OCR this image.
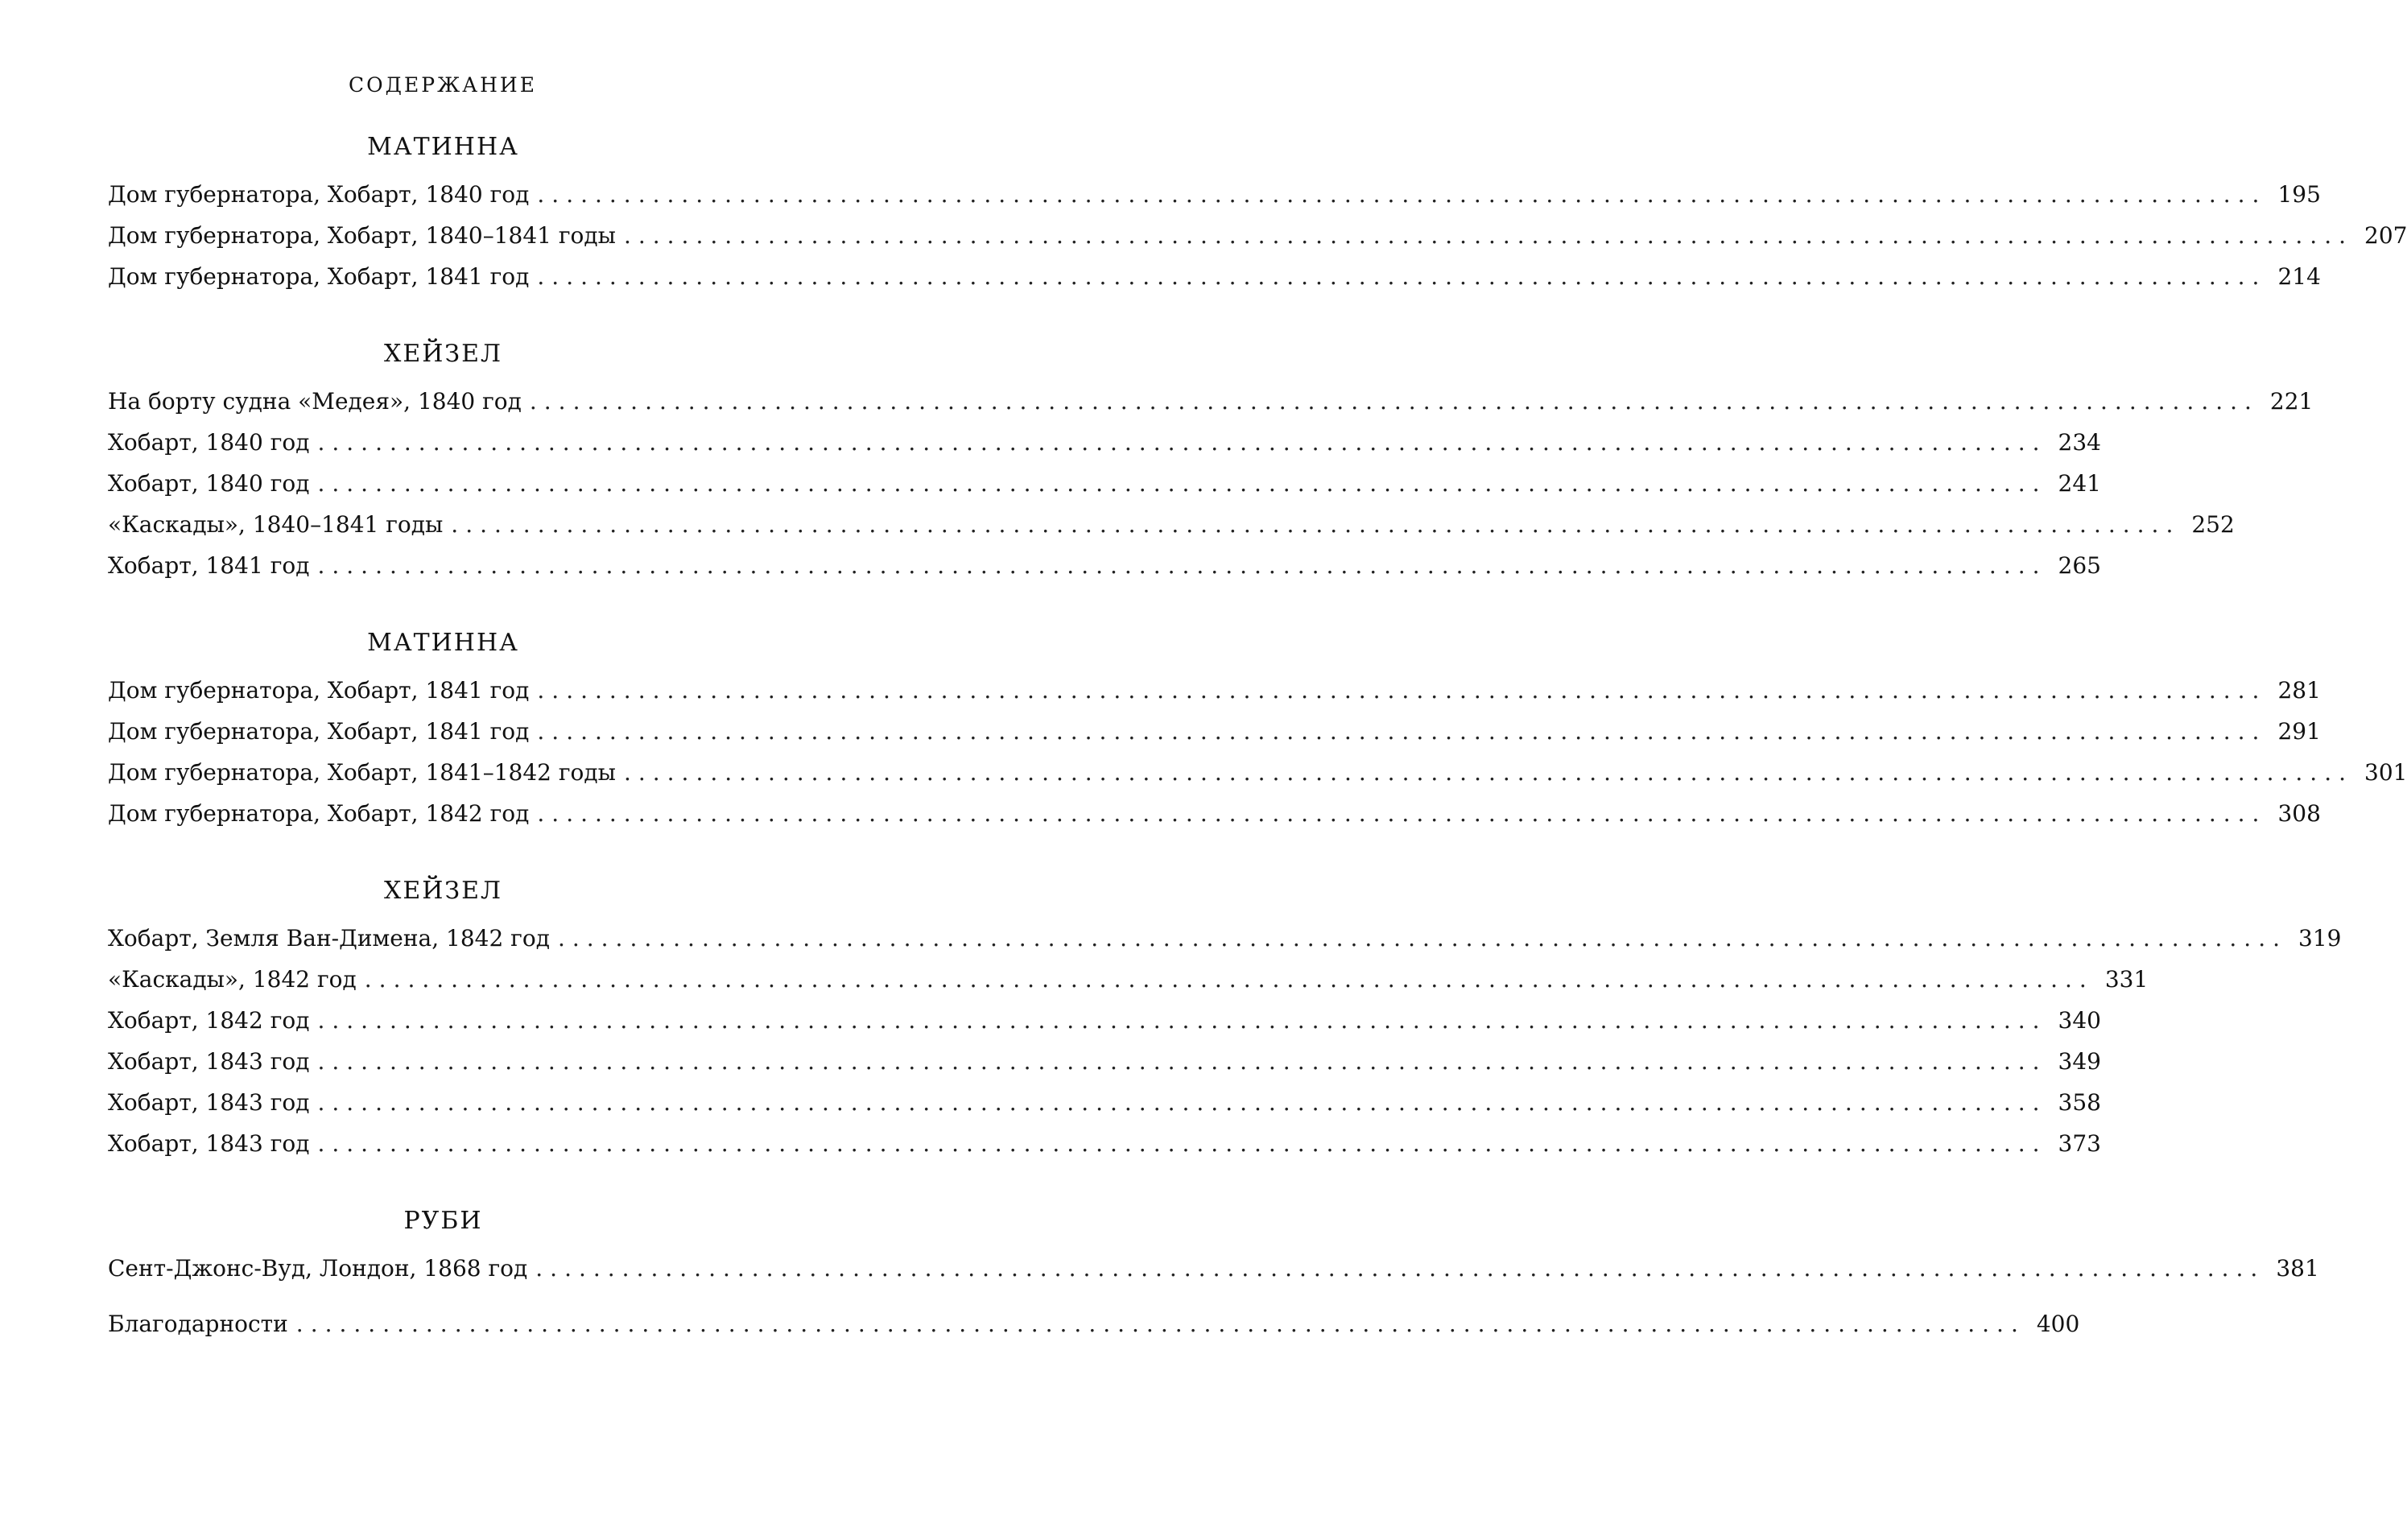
СОДЕРЖАНИЕ
МАТИННА
Дом губернатора, Хобарт, 1840 год ........................................................................................................................ 195
Дом губернатора, Хобарт, 1840–1841 годы ........................................................................................................................ 207
Дом губернатора, Хобарт, 1841 год ........................................................................................................................ 214
ХЕЙЗЕЛ
На борту судна «Медея», 1840 год ........................................................................................................................ 221
Хобарт, 1840 год ........................................................................................................................ 234
Хобарт, 1840 год ........................................................................................................................ 241
«Каскады», 1840–1841 годы ........................................................................................................................ 252
Хобарт, 1841 год ........................................................................................................................ 265
МАТИННА
Дом губернатора, Хобарт, 1841 год ........................................................................................................................ 281
Дом губернатора, Хобарт, 1841 год ........................................................................................................................ 291
Дом губернатора, Хобарт, 1841–1842 годы ........................................................................................................................ 301
Дом губернатора, Хобарт, 1842 год ........................................................................................................................ 308
ХЕЙЗЕЛ
Хобарт, Земля Ван-Димена, 1842 год ........................................................................................................................ 319
«Каскады», 1842 год ........................................................................................................................ 331
Хобарт, 1842 год ........................................................................................................................ 340
Хобарт, 1843 год ........................................................................................................................ 349
Хобарт, 1843 год ........................................................................................................................ 358
Хобарт, 1843 год ........................................................................................................................ 373
РУБИ
Сент-Джонс-Вуд, Лондон, 1868 год ........................................................................................................................ 381
Благодарности ........................................................................................................................ 400
